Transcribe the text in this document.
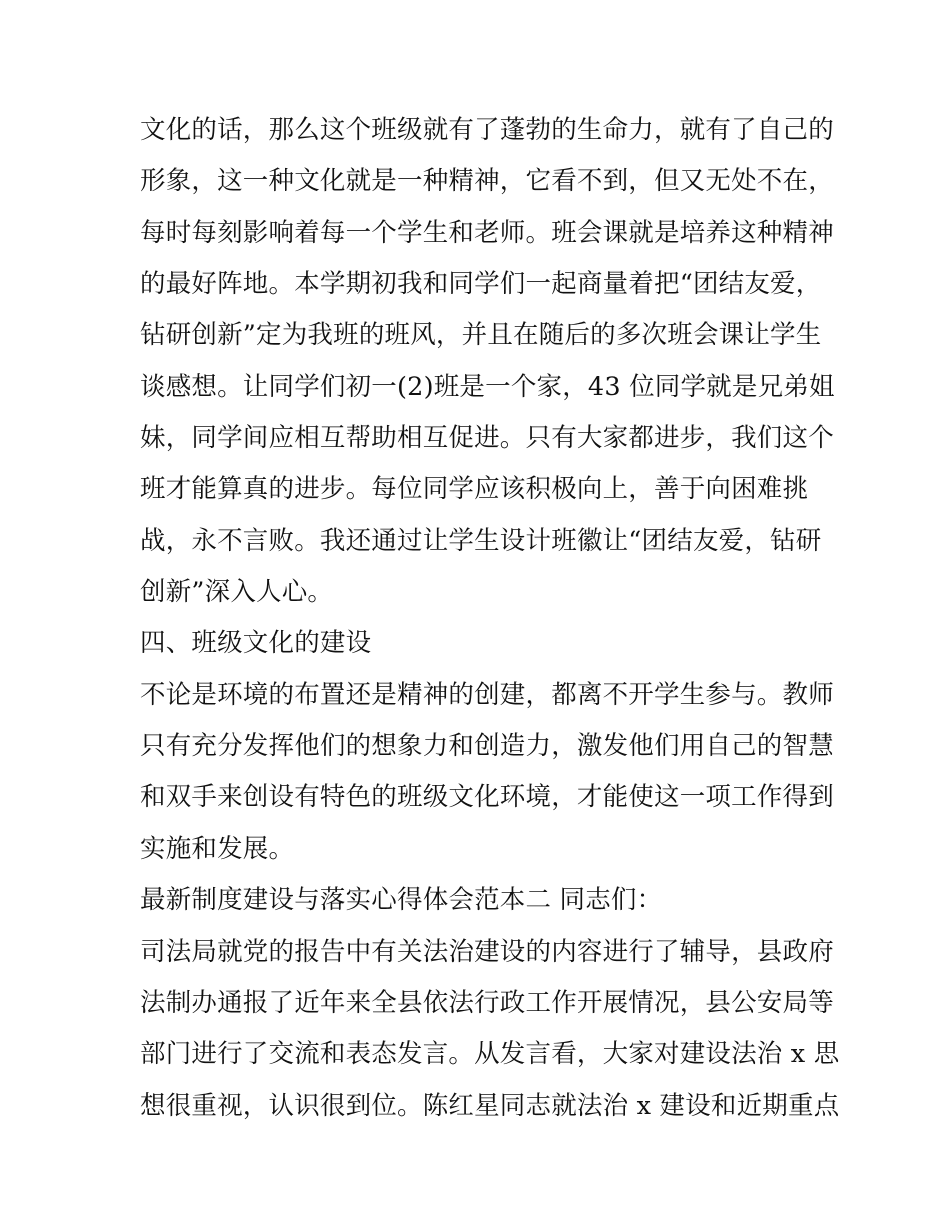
文化的话，那么这个班级就有了蓬勃的生命力，就有了自己的
形象，这一种文化就是一种精神，它看不到，但又无处不在，
每时每刻影响着每一个学生和老师。班会课就是培养这种精神
的最好阵地。本学期初我和同学们一起商量着把“团结友爱，
钻研创新”定为我班的班风，并且在随后的多次班会课让学生
谈感想。让同学们初一(2)班是一个家，43 位同学就是兄弟姐
妹，同学间应相互帮助相互促进。只有大家都进步，我们这个
班才能算真的进步。每位同学应该积极向上，善于向困难挑
战，永不言败。我还通过让学生设计班徽让“团结友爱，钻研
创新”深入人心。
四、班级文化的建设
不论是环境的布置还是精神的创建，都离不开学生参与。教师
只有充分发挥他们的想象力和创造力，激发他们用自己的智慧
和双手来创设有特色的班级文化环境，才能使这一项工作得到
实施和发展。
最新制度建设与落实心得体会范本二 同志们：
司法局就党的报告中有关法治建设的内容进行了辅导，县政府
法制办通报了近年来全县依法行政工作开展情况，县公安局等
部门进行了交流和表态发言。从发言看，大家对建设法治 x 思
想很重视，认识很到位。陈红星同志就法治 x 建设和近期重点
